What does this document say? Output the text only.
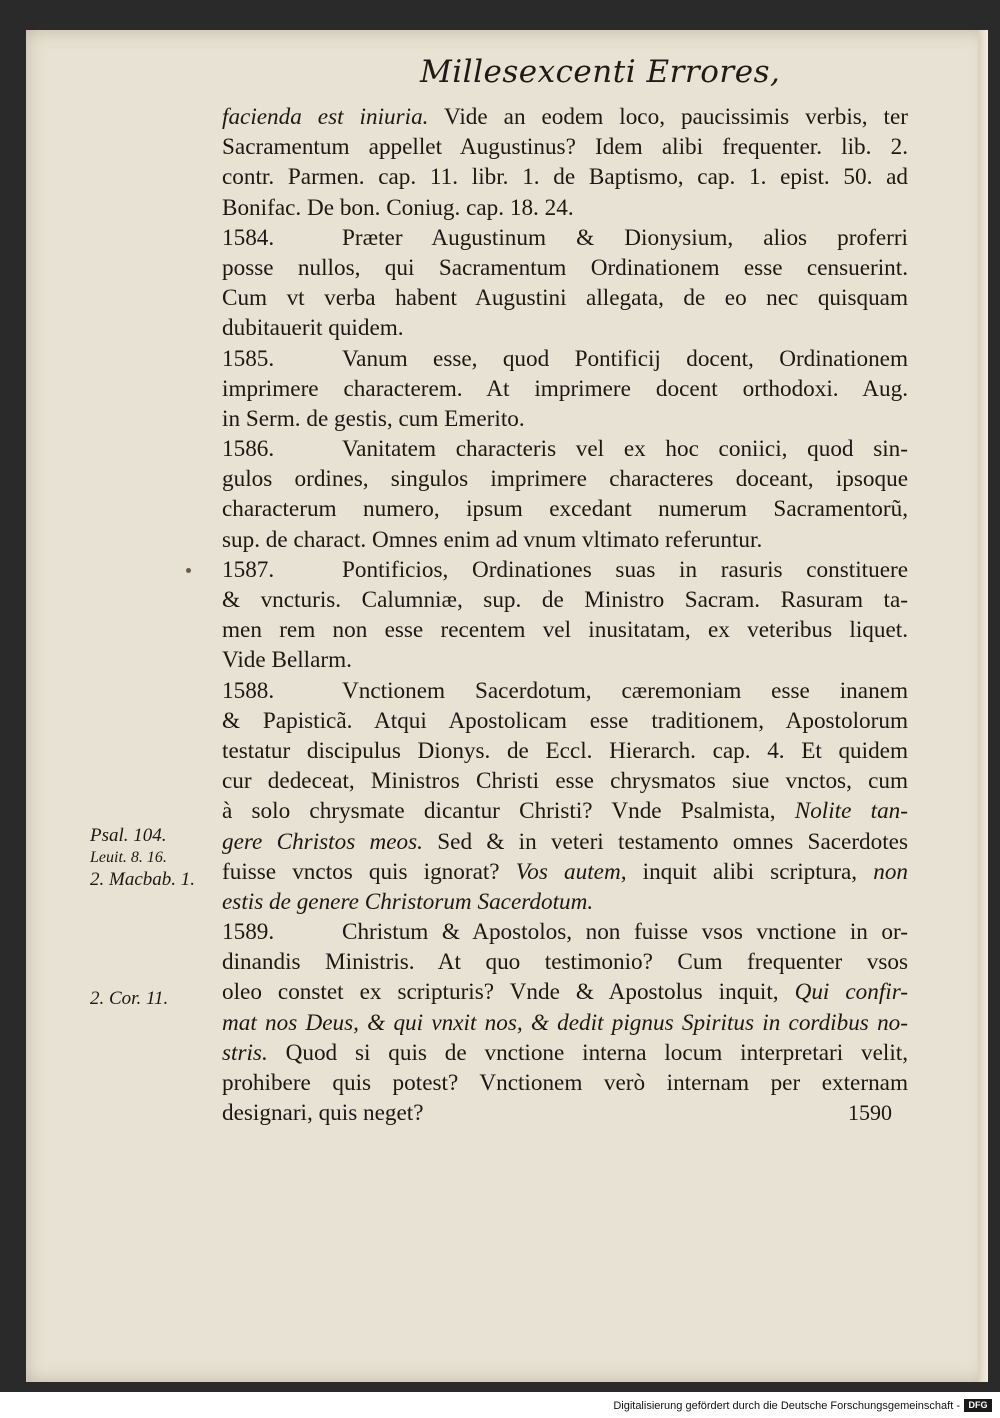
Millesexcenti Errores,
facienda est iniuria. Vide an eodem loco, paucissimis verbis, ter
Sacramentum appellet Augustinus? Idem alibi frequenter. lib. 2.
contr. Parmen. cap. 11. libr. 1. de Baptismo, cap. 1. epist. 50. ad
Bonifac. De bon. Coniug. cap. 18. 24.
1584.	Præter Augustinum & Dionysium, alios proferri
posse nullos, qui Sacramentum Ordinationem esse censuerint.
Cum vt verba habent Augustini allegata, de eo nec quisquam
dubitauerit quidem.
1585.	Vanum esse, quod Pontificij docent, Ordinationem
imprimere characterem. At imprimere docent orthodoxi. Aug.
in Serm. de gestis, cum Emerito.
1586.	Vanitatem characteris vel ex hoc coniici, quod sin-
gulos ordines, singulos imprimere characteres doceant, ipsoque
characterum numero, ipsum excedant numerum Sacramentorũ,
sup. de charact. Omnes enim ad vnum vltimato referuntur.
1587.	Pontificios, Ordinationes suas in rasuris constituere
& vncturis. Calumniæ, sup. de Ministro Sacram. Rasuram ta-
men rem non esse recentem vel inusitatam, ex veteribus liquet.
Vide Bellarm.
1588.	Vnctionem Sacerdotum, cæremoniam esse inanem
& Papisticã. Atqui Apostolicam esse traditionem, Apostolorum
testatur discipulus Dionys. de Eccl. Hierarch. cap. 4. Et quidem
cur dedeceat, Ministros Christi esse chrysmatos siue vnctos, cum
à solo chrysmate dicantur Christi? Vnde Psalmista, Nolite tan-
gere Christos meos. Sed & in veteri testamento omnes Sacerdotes
fuisse vnctos quis ignorat? Vos autem, inquit alibi scriptura, non
estis de genere Christorum Sacerdotum.
1589.	Christum & Apostolos, non fuisse vsos vnctione in or-
dinandis Ministris. At quo testimonio? Cum frequenter vsos
oleo constet ex scripturis? Vnde & Apostolus inquit, Qui confir-
mat nos Deus, & qui vnxit nos, & dedit pignus Spiritus in cordibus no-
stris. Quod si quis de vnctione interna locum interpretari velit,
prohibere quis potest? Vnctionem verò internam per externam
designari, quis neget?
Psal. 104.
Leuit. 8. 16.
2. Macbab. 1.
2. Cor. 11.
1590
Digitalisierung gefördert durch die Deutsche Forschungsgemeinschaft - DFG
